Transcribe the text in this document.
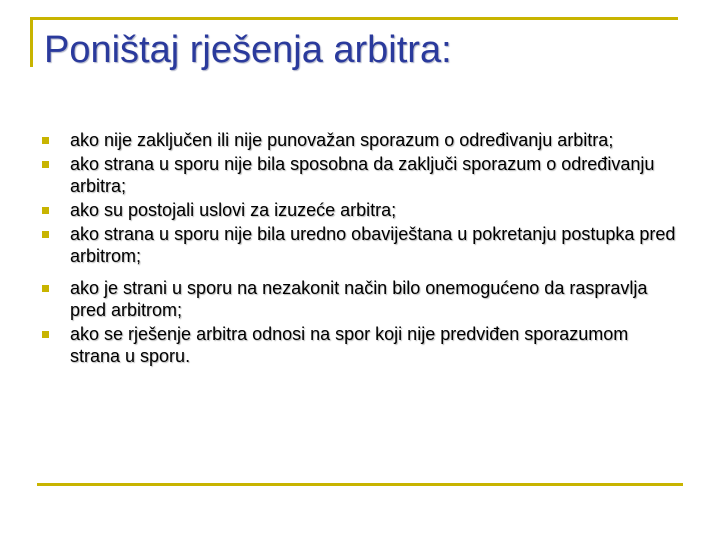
Poništaj rješenja arbitra:
ako nije zaključen ili nije punovažan sporazum o određivanju arbitra;
ako strana u sporu nije bila sposobna da zaključi sporazum o određivanju arbitra;
ako su postojali uslovi za izuzeće arbitra;
ako strana u sporu nije bila uredno obaviještana u pokretanju postupka pred arbitrom;
ako je strani u sporu na nezakonit način bilo onemogućeno da raspravlja pred arbitrom;
ako se rješenje arbitra odnosi na spor koji nije predviđen sporazumom strana u sporu.
